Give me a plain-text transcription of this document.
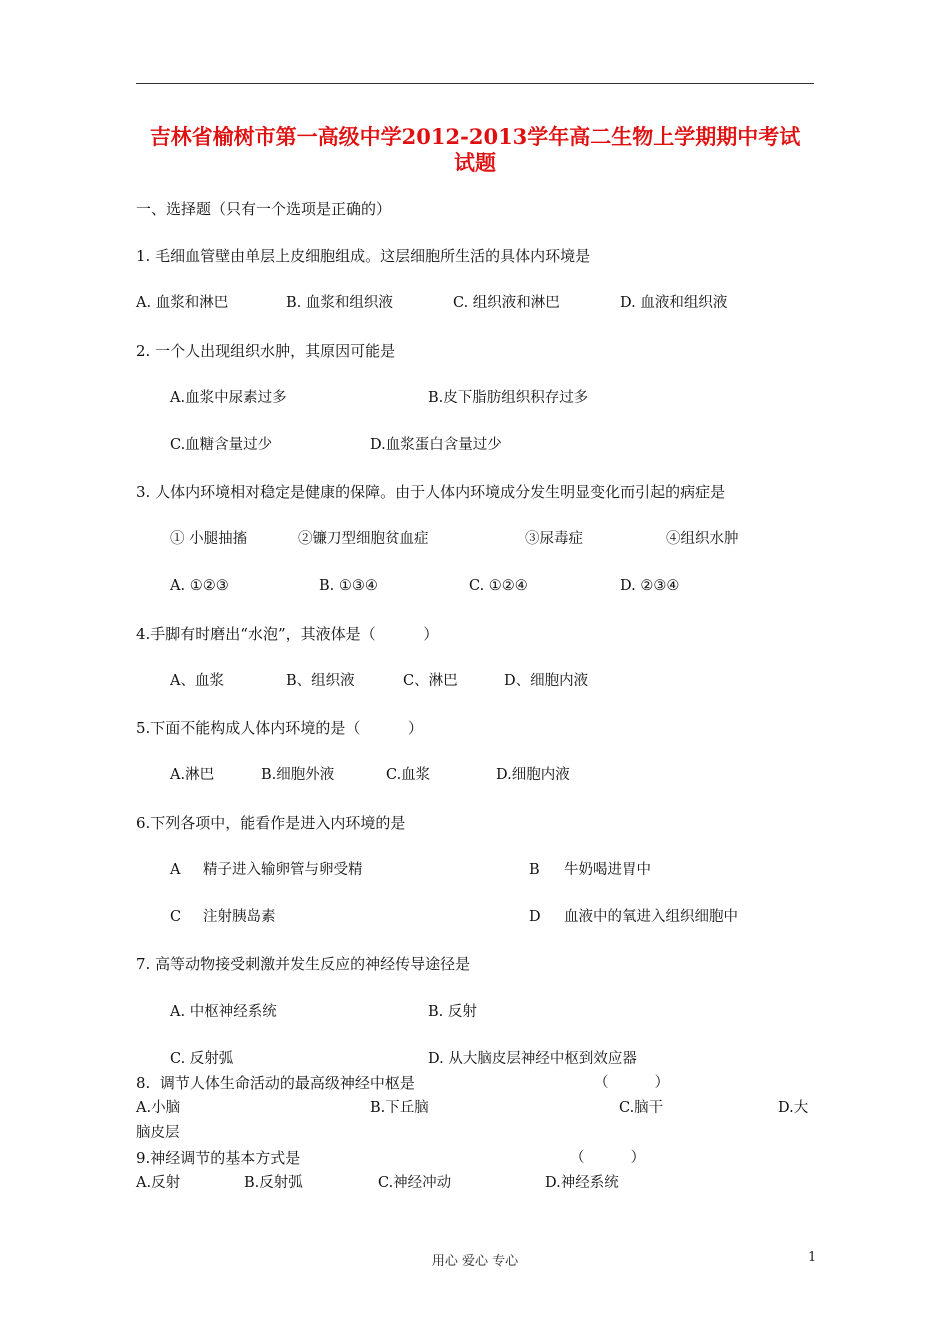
吉林省榆树市第一高级中学2012-2013学年高二生物上学期期中考试
试题
一、选择题（只有一个选项是正确的）
1. 毛细血管壁由单层上皮细胞组成。这层细胞所生活的具体内环境是
A. 血浆和淋巴	B. 血浆和组织液	C. 组织液和淋巴	D. 血液和组织液
2. 一个人出现组织水肿，其原因可能是
A.血浆中尿素过多	B.皮下脂肪组织积存过多
C.血糖含量过少	D.血浆蛋白含量过少
3. 人体内环境相对稳定是健康的保障。由于人体内环境成分发生明显变化而引起的病症是
① 小腿抽搐	②镰刀型细胞贫血症	③尿毒症	④组织水肿
A. ①②③	B. ①③④	C. ①②④	D. ②③④
4.手脚有时磨出“水泡”，其液体是（          ）
A、血浆	B、组织液	C、淋巴	D、细胞内液
5.下面不能构成人体内环境的是（          ）
A.淋巴	B.细胞外液	C.血浆	D.细胞内液
6.下列各项中，能看作是进入内环境的是
A 精子进入输卵管与卵受精	B 牛奶喝进胃中
C 注射胰岛素	D 血液中的氧进入组织细胞中
7. 高等动物接受刺激并发生反应的神经传导途径是
A. 中枢神经系统	B. 反射
C. 反射弧	D. 从大脑皮层神经中枢到效应器
8.  调节人体生命活动的最高级神经中枢是	（          ）
A.小脑	B.下丘脑	C.脑干	D.大
脑皮层
9.神经调节的基本方式是	（          ）
A.反射	B.反射弧	C.神经冲动	D.神经系统
用心 爱心 专心	1
